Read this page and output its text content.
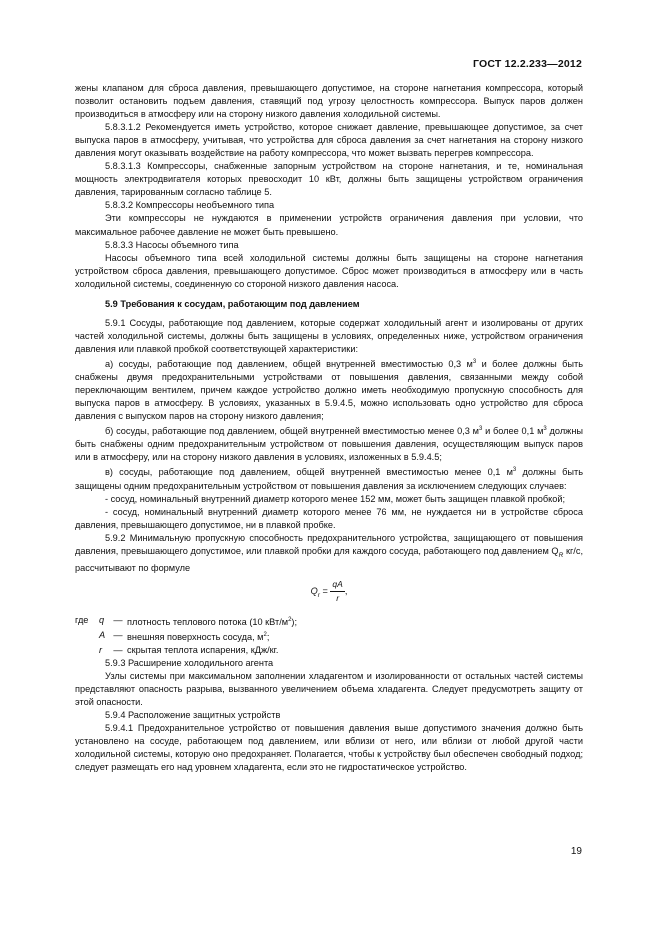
ГОСТ 12.2.233—2012

жены клапаном для сброса давления, превышающего допустимое, на стороне нагнетания компрессора, который позволит остановить подъем давления, ставящий под угрозу целостность компрессора. Выпуск паров должен производиться в атмосферу или на сторону низкого давления холодильной системы.

5.8.3.1.2 Рекомендуется иметь устройство, которое снижает давление, превышающее допустимое, за счет выпуска паров в атмосферу, учитывая, что устройства для сброса давления за счет нагнетания на сторону низкого давления могут оказывать воздействие на работу компрессора, что может вызвать перегрев компрессора.

5.8.3.1.3 Компрессоры, снабженные запорным устройством на стороне нагнетания, и те, номинальная мощность электродвигателя которых превосходит 10 кВт, должны быть защищены устройством ограничения давления, тарированным согласно таблице 5.

5.8.3.2 Компрессоры необъемного типа

Эти компрессоры не нуждаются в применении устройств ограничения давления при условии, что максимальное рабочее давление не может быть превышено.

5.8.3.3 Насосы объемного типа

Насосы объемного типа всей холодильной системы должны быть защищены на стороне нагнетания устройством сброса давления, превышающего допустимое. Сброс может производиться в атмосферу или в часть холодильной системы, соединенную со стороной низкого давления насоса.

5.9 Требования к сосудам, работающим под давлением

5.9.1 Сосуды, работающие под давлением, которые содержат холодильный агент и изолированы от других частей холодильной системы, должны быть защищены в условиях, определенных ниже, устройством ограничения давления или плавкой пробкой соответствующей характеристики:

а) сосуды, работающие под давлением, общей внутренней вместимостью 0,3 $м^3$ и более должны быть снабжены двумя предохранительными устройствами от повышения давления, связанными между собой переключающим вентилем, причем каждое устройство должно иметь необходимую пропускную способность для выпуска паров в атмосферу. В условиях, указанных в 5.9.4.5, можно использовать одно устройство для сброса давления с выпуском паров на сторону низкого давления;

б) сосуды, работающие под давлением, общей внутренней вместимостью менее 0,3 $м^3$ и более 0,1 $м^3$ должны быть снабжены одним предохранительным устройством от повышения давления, осуществляющим выпуск паров или в атмосферу, или на сторону низкого давления в условиях, изложенных в 5.9.4.5;

в) сосуды, работающие под давлением, общей внутренней вместимостью менее 0,1 $м^3$ должны быть защищены одним предохранительным устройством от повышения давления за исключением следующих случаев:

- сосуд, номинальный внутренний диаметр которого менее 152 мм, может быть защищен плавкой пробкой;

- сосуд, номинальный внутренний диаметр которого менее 76 мм, не нуждается ни в устройстве сброса давления, превышающего допустимое, ни в плавкой пробке.

5.9.2 Минимальную пропускную способность предохранительного устройства, защищающего от повышения давления, превышающего допустимое, или плавкой пробки для каждого сосуда, работающего под давлением $Q_R$ кг/с, рассчитывают по формуле

$Q_r = \frac{qA}{r}$ ,
где	q	—	плотность теплового потока (10 кВт/$м^2$);
	A	—	внешняя поверхность сосуда, $м^2$;
	r	—	скрытая теплота испарения, кДж/кг.

5.9.3 Расширение холодильного агента

Узлы системы при максимальном заполнении хладагентом и изолированности от остальных частей системы представляют опасность разрыва, вызванного увеличением объема хладагента. Следует предусмотреть защиту от этой опасности.

5.9.4 Расположение защитных устройств

5.9.4.1 Предохранительное устройство от повышения давления выше допустимого значения должно быть установлено на сосуде, работающем под давлением, или вблизи от него, или вблизи от любой другой части холодильной системы, которую оно предохраняет. Полагается, чтобы к устройству был обеспечен свободный подход; следует размещать его над уровнем хладагента, если это не гидростатическое устройство.

19
